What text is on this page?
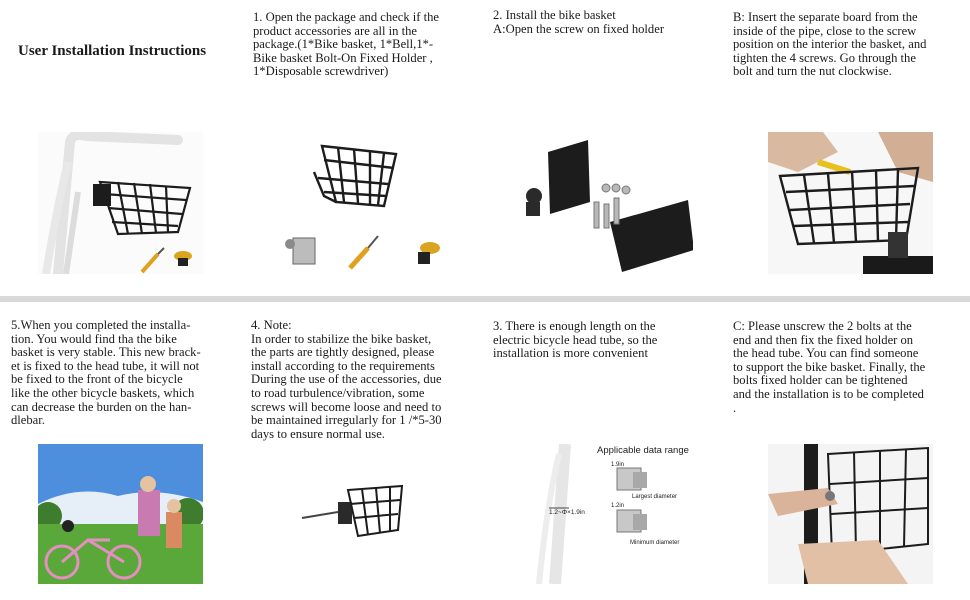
User Installation Instructions
1. Open the package and check if the
product accessories are all in the
package.(1*Bike basket, 1*Bell,1*-
Bike basket Bolt-On Fixed Holder ,
1*Disposable screwdriver)
2. Install the bike basket
A:Open the screw on fixed holder
B: Insert the separate board from the
inside of the pipe, close to the screw
position on the interior the basket, and
tighten the 4 screws. Go through the
bolt and turn the nut clockwise.
5.When you completed the installa-
tion. You would find tha the bike
basket is very stable. This new brack-
et is fixed to the head tube, it will not
be fixed to the front of the bicycle
like the other bicycle baskets, which
can decrease the burden on the han-
dlebar.
4. Note:
In order to stabilize the bike basket,
the parts are tightly designed, please
install according to the requirements
During the use of the accessories, due
to road turbulence/vibration, some
screws will become loose and need to
be maintained irregularly for 1 /*5-30
days to ensure normal use.
3. There is enough length on the
electric bicycle head tube, so the
installation is more convenient
C: Please unscrew the 2 bolts at the
end and then fix the fixed holder on
the head tube. You can find someone
to support the bike basket. Finally, the
bolts fixed holder can be tightened
and the installation is to be completed
.
Applicable data range
1.2~Φ×1.9in
1.9in
Largest diameter
1.2in
Minimum diameter
